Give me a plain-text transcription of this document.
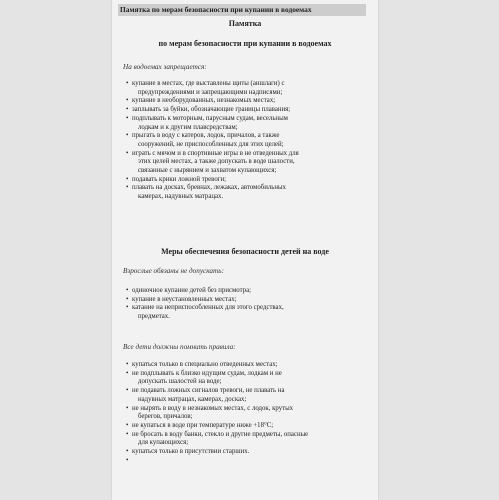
Памятка по мерам безопасности при купании в водоемах
Памятка
по мерам безопасности при купании в водоемах
На водоемах запрещается:
• купание в местах, где выставлены щиты (аншлаги) с
предупреждениями и запрещающими надписями;
• купание в необорудованных, незнакомых местах;
• заплывать за буйки, обозначающие границы плавания;
• подплывать к моторным, парусным судам, весельным
лодкам и к другим плавсредствам;
• прыгать в воду с катеров, лодок, причалов, а также
сооружений, не приспособленных для этих целей;
• играть с мячом и в спортивные игры в не отведенных для
этих целей местах, а также допускать в воде шалости,
связанные с нырянием и захватом купающихся;
• подавать крики ложной тревоги;
• плавать на досках, бревнах, лежаках, автомобильных
камерах, надувных матрацах.
Меры обеспечения безопасности детей на воде
Взрослые обязаны не допускать:
• одиночное купание детей без присмотра;
• купание в неустановленных местах;
• катание на неприспособленных для этого средствах,
предметах.
Все дети должны помнить правила:
• купаться только в специально отведенных местах;
• не подплывать к близко идущим судам, лодкам и не
допускать шалостей на воде;
• не подавать ложных сигналов тревоги, не плавать на
надувных матрацах, камерах, досках;
• не нырять в воду в незнакомых местах, с лодок, крутых
берегов, причалов;
• не купаться в воде при температуре ниже +18°С;
• не бросать в воду банки, стекло и другие предметы, опасные
для купающихся;
• купаться только в присутствии старших.
